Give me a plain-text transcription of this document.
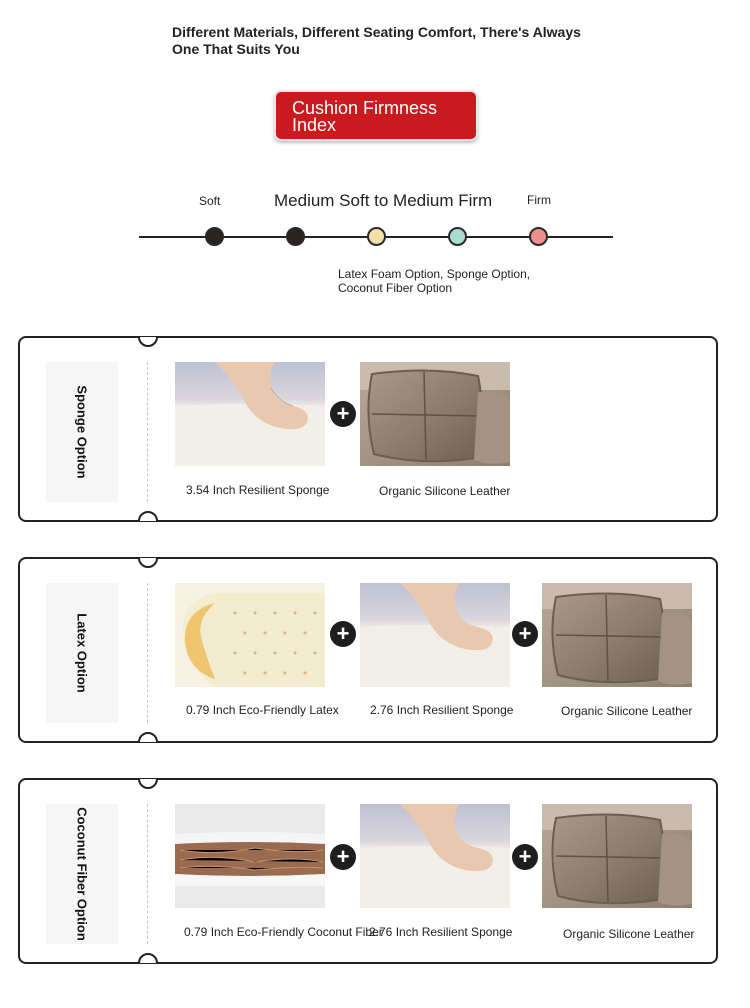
Different Materials, Different Seating Comfort, There's Always One That Suits You
Cushion Firmness Index
Soft	Medium Soft to Medium Firm	Firm
Latex Foam Option, Sponge Option, Coconut Fiber Option
Sponge Option	+
3.54 Inch Resilient Sponge	Organic Silicone Leather
Latex Option	+	+
0.79 Inch Eco-Friendly Latex	2.76 Inch Resilient Sponge	Organic Silicone Leather
Coconut Fiber Option	+	+
0.79 Inch Eco-Friendly Coconut Fiber
2.76 Inch Resilient Sponge	Organic Silicone Leather
